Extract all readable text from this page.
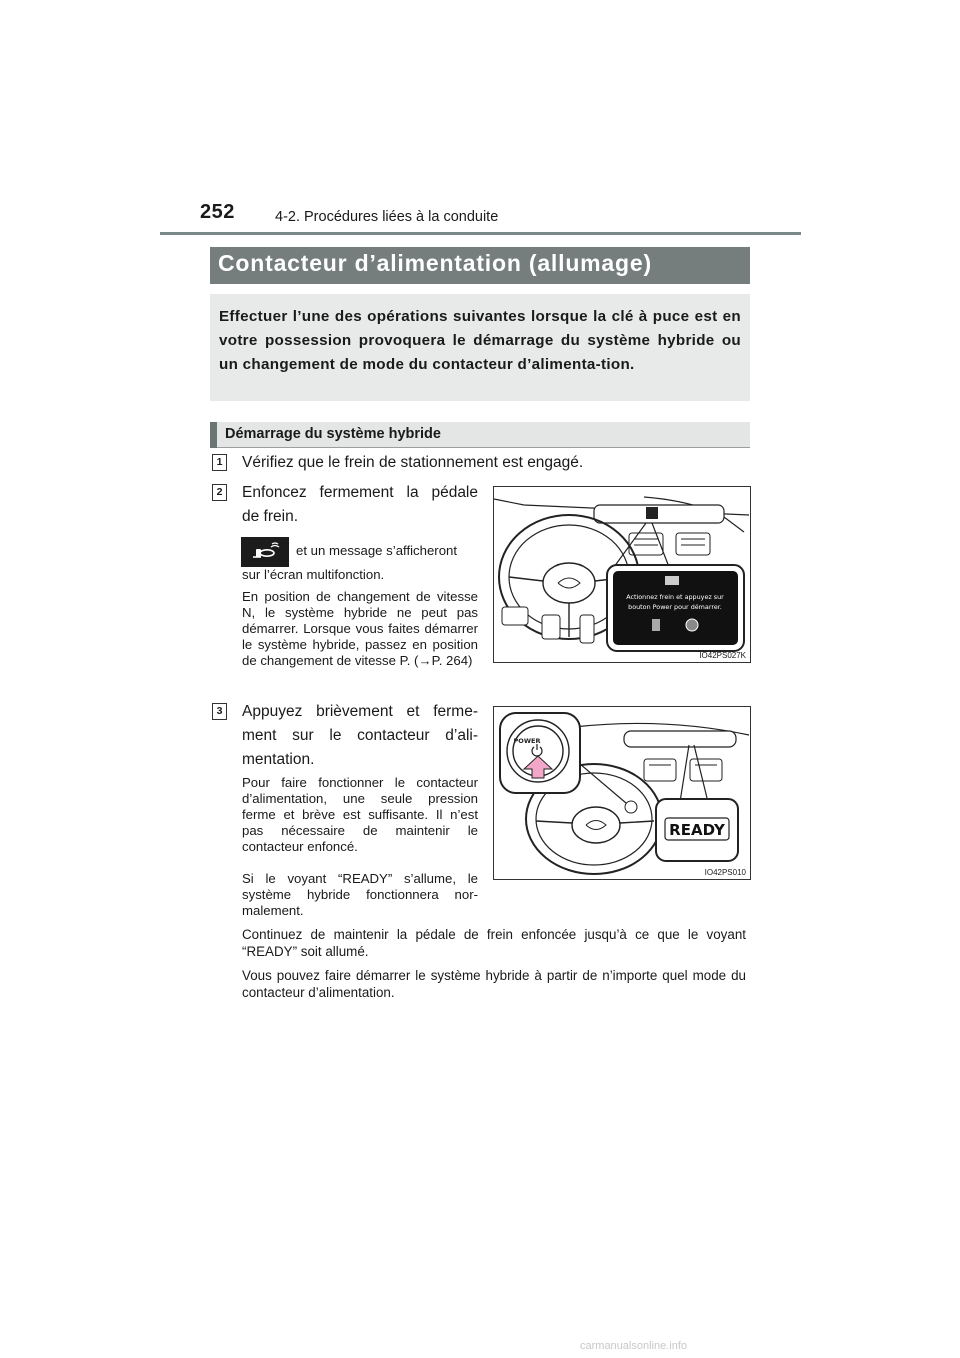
252	4-2. Procédures liées à la conduite
Contacteur d’alimentation (allumage)
Effectuer l’une des opérations suivantes lorsque la clé à puce est en votre possession provoquera le démarrage du système hybride ou un changement de mode du contacteur d’alimenta-tion.
Démarrage du système hybride
1 Vérifiez que le frein de stationnement est engagé.
2 Enfoncez fermement la pédale
de frein.
et un message s’afficheront
sur l’écran multifonction.
En position de changement de vitesse N, le système hybride ne peut pas démarrer. Lorsque vous faites démarrer le système hybride, passez en position de changement de vitesse P. (→P. 264)
Actionnez frein et appuyez sur
bouton Power pour démarrer.
IO42PS027K
3 Appuyez brièvement et ferme-
ment sur le contacteur d’ali-
mentation.
Pour faire fonctionner le contacteur d’alimentation, une seule pression ferme et brève est suffisante. Il n’est pas nécessaire de maintenir le contacteur enfoncé.
Si le voyant “READY” s’allume, le système hybride fonctionnera nor-malement.
POWER
READY
IO42PS010
Continuez de maintenir la pédale de frein enfoncée jusqu’à ce que le voyant “READY” soit allumé.
Vous pouvez faire démarrer le système hybride à partir de n’importe quel mode du contacteur d’alimentation.
carmanualsonline.info
